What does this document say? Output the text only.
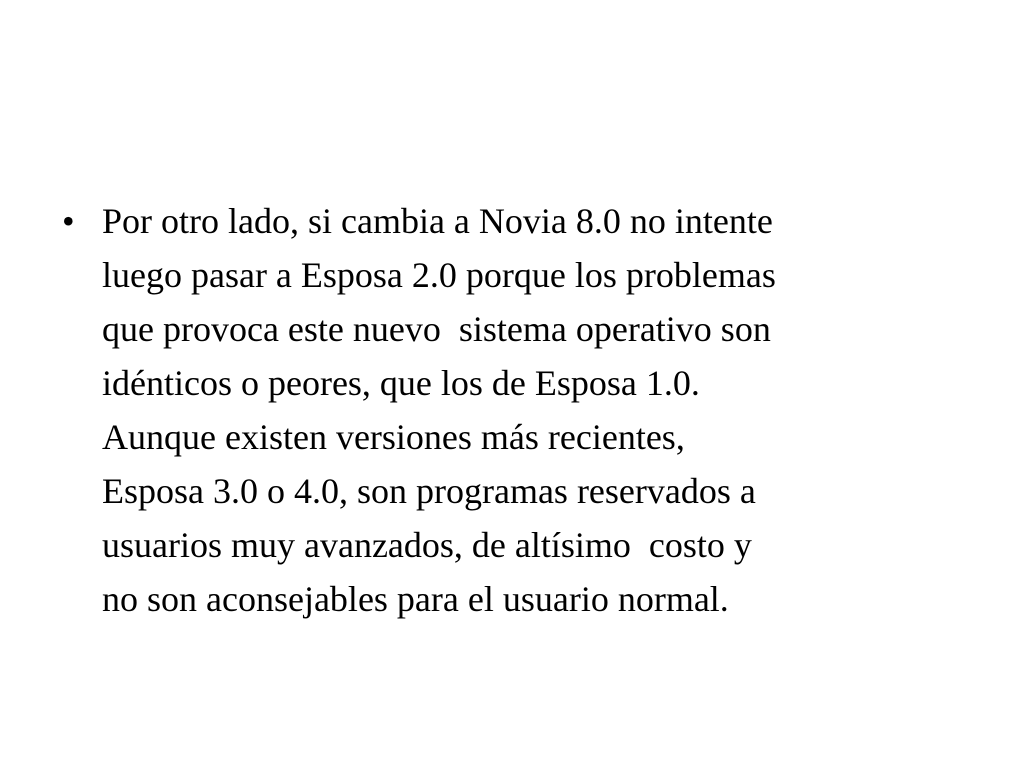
• Por otro lado, si cambia a Novia 8.0 no intente
luego pasar a Esposa 2.0 porque los problemas
que provoca este nuevo  sistema operativo son
idénticos o peores, que los de Esposa 1.0.
Aunque existen versiones más recientes,
Esposa 3.0 o 4.0, son programas reservados a
usuarios muy avanzados, de altísimo  costo y
no son aconsejables para el usuario normal.
